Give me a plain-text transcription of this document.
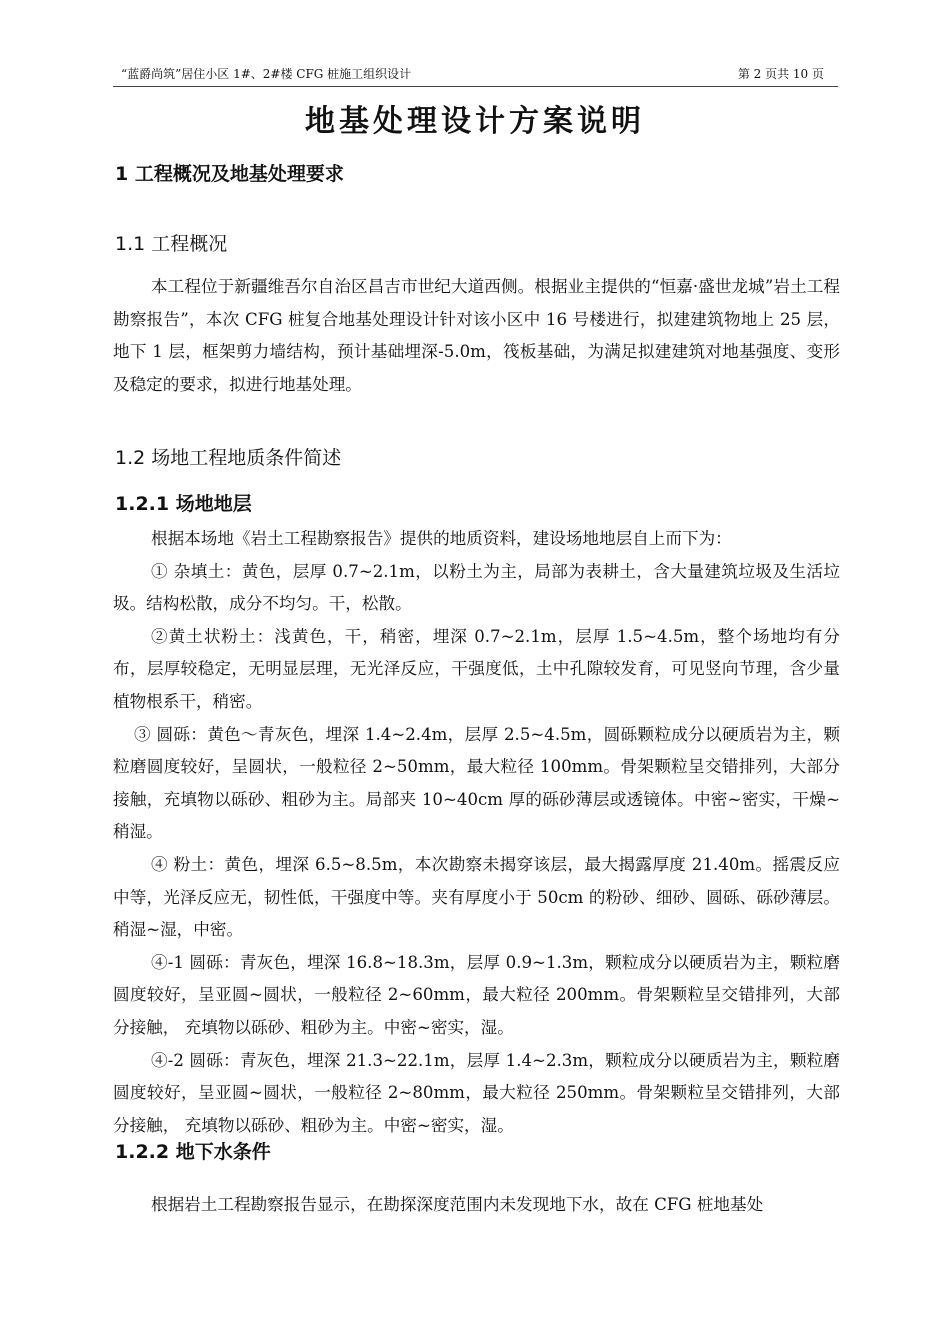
“蓝爵尚筑”居住小区 1#、2#楼 CFG 桩施工组织设计	第 2 页共 10 页
地基处理设计方案说明
1 工程概况及地基处理要求
1.1 工程概况

本工程位于新疆维吾尔自治区昌吉市世纪大道西侧。根据业主提供的“恒嘉·盛世龙城”岩土工程勘察报告”，本次 CFG 桩复合地基处理设计针对该小区中 16 号楼进行，拟建建筑物地上 25 层，地下 1 层，框架剪力墙结构，预计基础埋深-5.0m，筏板基础，为满足拟建建筑对地基强度、变形及稳定的要求，拟进行地基处理。

1.2 场地工程地质条件简述
1.2.1 场地地层

根据本场地《岩土工程勘察报告》提供的地质资料，建设场地地层自上而下为：

① 杂填土：黄色，层厚 0.7~2.1m，以粉土为主，局部为表耕土，含大量建筑垃圾及生活垃圾。结构松散，成分不均匀。干，松散。

②黄土状粉土：浅黄色，干，稍密，埋深 0.7~2.1m，层厚 1.5~4.5m，整个场地均有分布，层厚较稳定，无明显层理，无光泽反应，干强度低，土中孔隙较发育，可见竖向节理，含少量植物根系干，稍密。

③ 圆砾：黄色～青灰色，埋深 1.4~2.4m，层厚 2.5~4.5m，圆砾颗粒成分以硬质岩为主，颗粒磨圆度较好，呈圆状，一般粒径 2~50mm，最大粒径 100mm。骨架颗粒呈交错排列，大部分接触，充填物以砾砂、粗砂为主。局部夹 10~40cm 厚的砾砂薄层或透镜体。中密~密实，干燥~稍湿。

④ 粉土：黄色，埋深 6.5~8.5m，本次勘察未揭穿该层，最大揭露厚度 21.40m。摇震反应中等，光泽反应无，韧性低，干强度中等。夹有厚度小于 50cm 的粉砂、细砂、圆砾、砾砂薄层。稍湿~湿，中密。

④-1 圆砾：青灰色，埋深 16.8~18.3m，层厚 0.9~1.3m，颗粒成分以硬质岩为主，颗粒磨圆度较好，呈亚圆~圆状，一般粒径 2~60mm，最大粒径 200mm。骨架颗粒呈交错排列，大部分接触， 充填物以砾砂、粗砂为主。中密~密实，湿。

④-2 圆砾：青灰色，埋深 21.3~22.1m，层厚 1.4~2.3m，颗粒成分以硬质岩为主，颗粒磨圆度较好，呈亚圆~圆状，一般粒径 2~80mm，最大粒径 250mm。骨架颗粒呈交错排列，大部分接触， 充填物以砾砂、粗砂为主。中密~密实，湿。

1.2.2 地下水条件

根据岩土工程勘察报告显示，在勘探深度范围内未发现地下水，故在 CFG 桩地基处
